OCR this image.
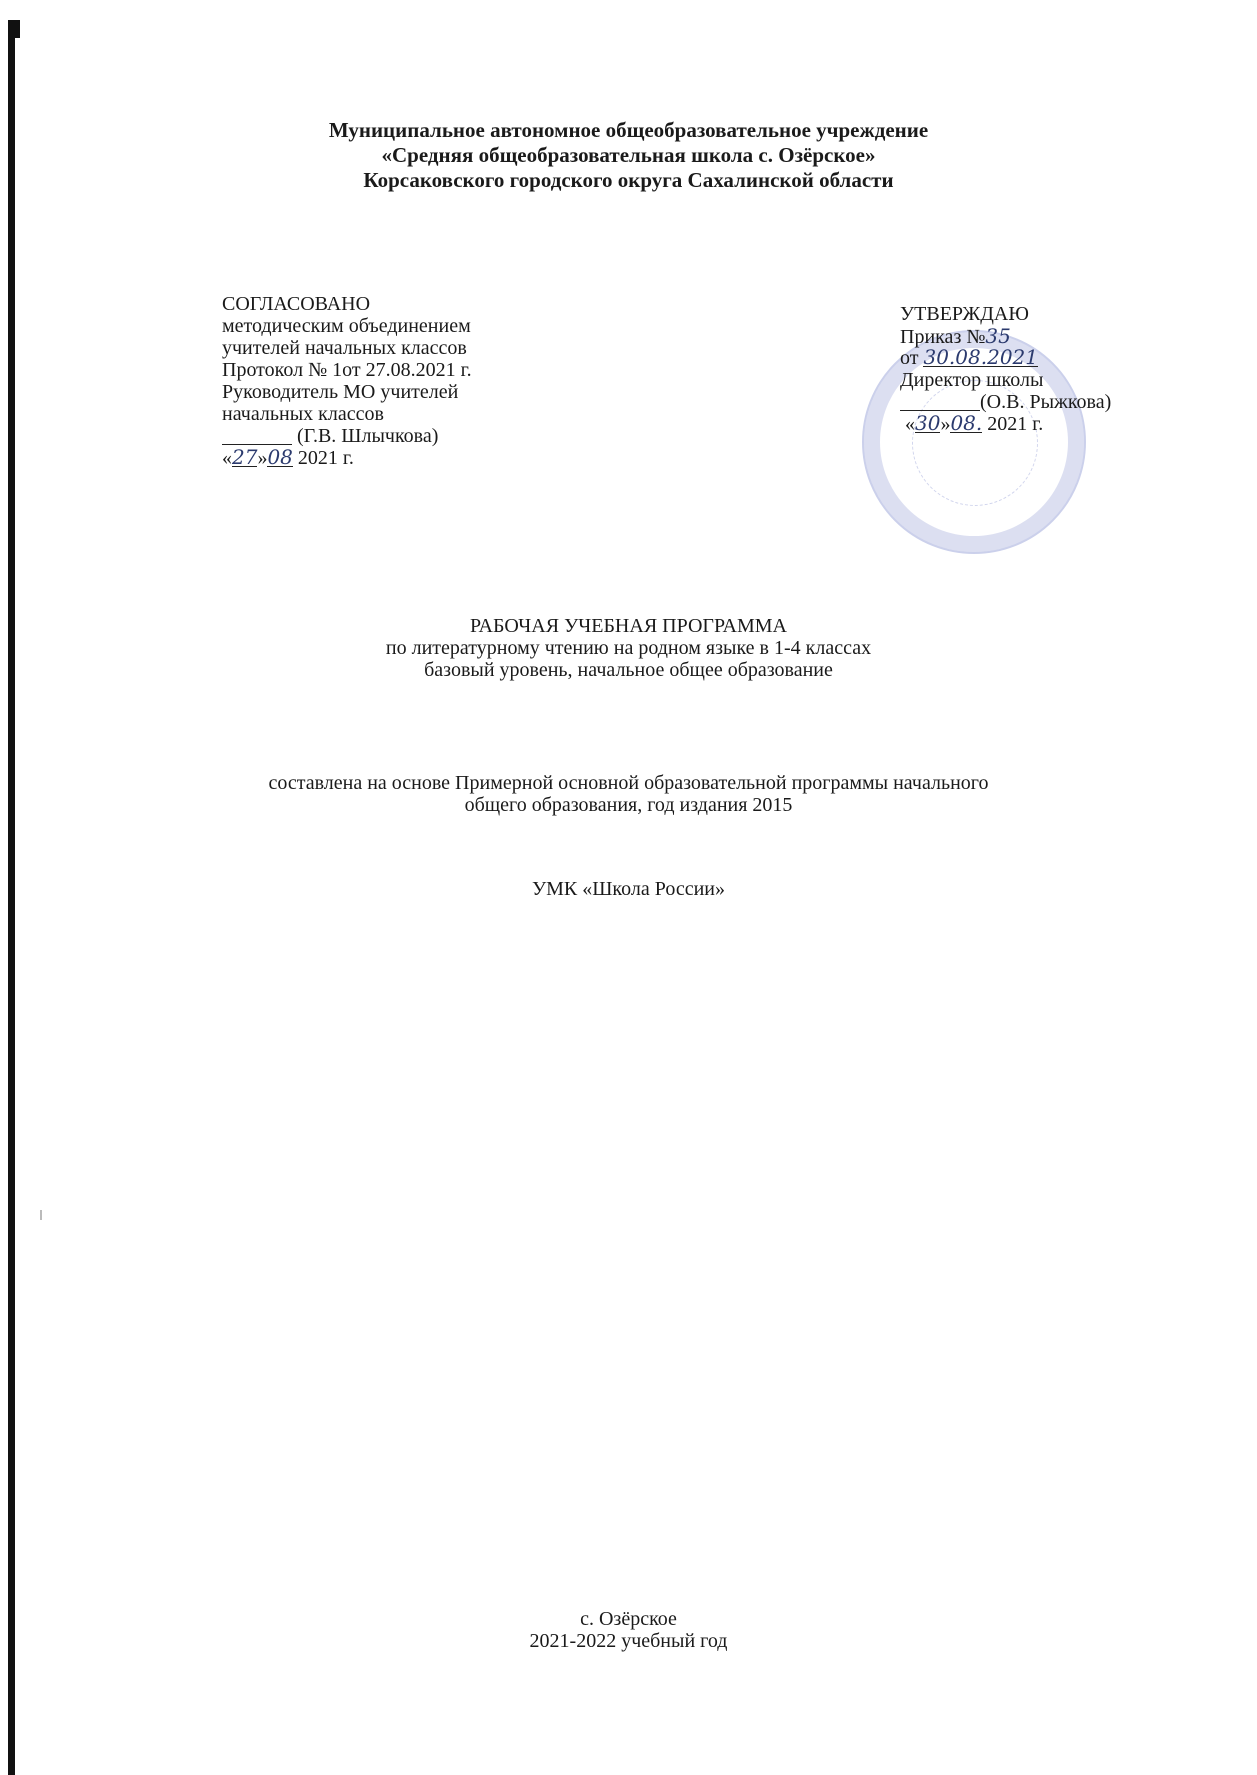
Муниципальное автономное общеобразовательное учреждение
«Средняя общеобразовательная школа с. Озёрское»
Корсаковского городского округа Сахалинской области
СОГЛАСОВАНО
методическим объединением
учителей начальных классов
Протокол № 1от 27.08.2021 г.
Руководитель МО учителей
начальных классов
(Г.В. Шлычкова)
«27»08 2021 г.
УТВЕРЖДАЮ
Приказ №35
от 30.08.2021
Директор школы
(О.В. Рыжкова)
«30»08. 2021 г.
РАБОЧАЯ УЧЕБНАЯ ПРОГРАММА
по литературному чтению на родном языке в 1-4 классах
базовый уровень, начальное общее образование
составлена на основе Примерной основной образовательной программы начального
общего образования, год издания 2015
УМК «Школа России»
с. Озёрское
2021-2022 учебный год
